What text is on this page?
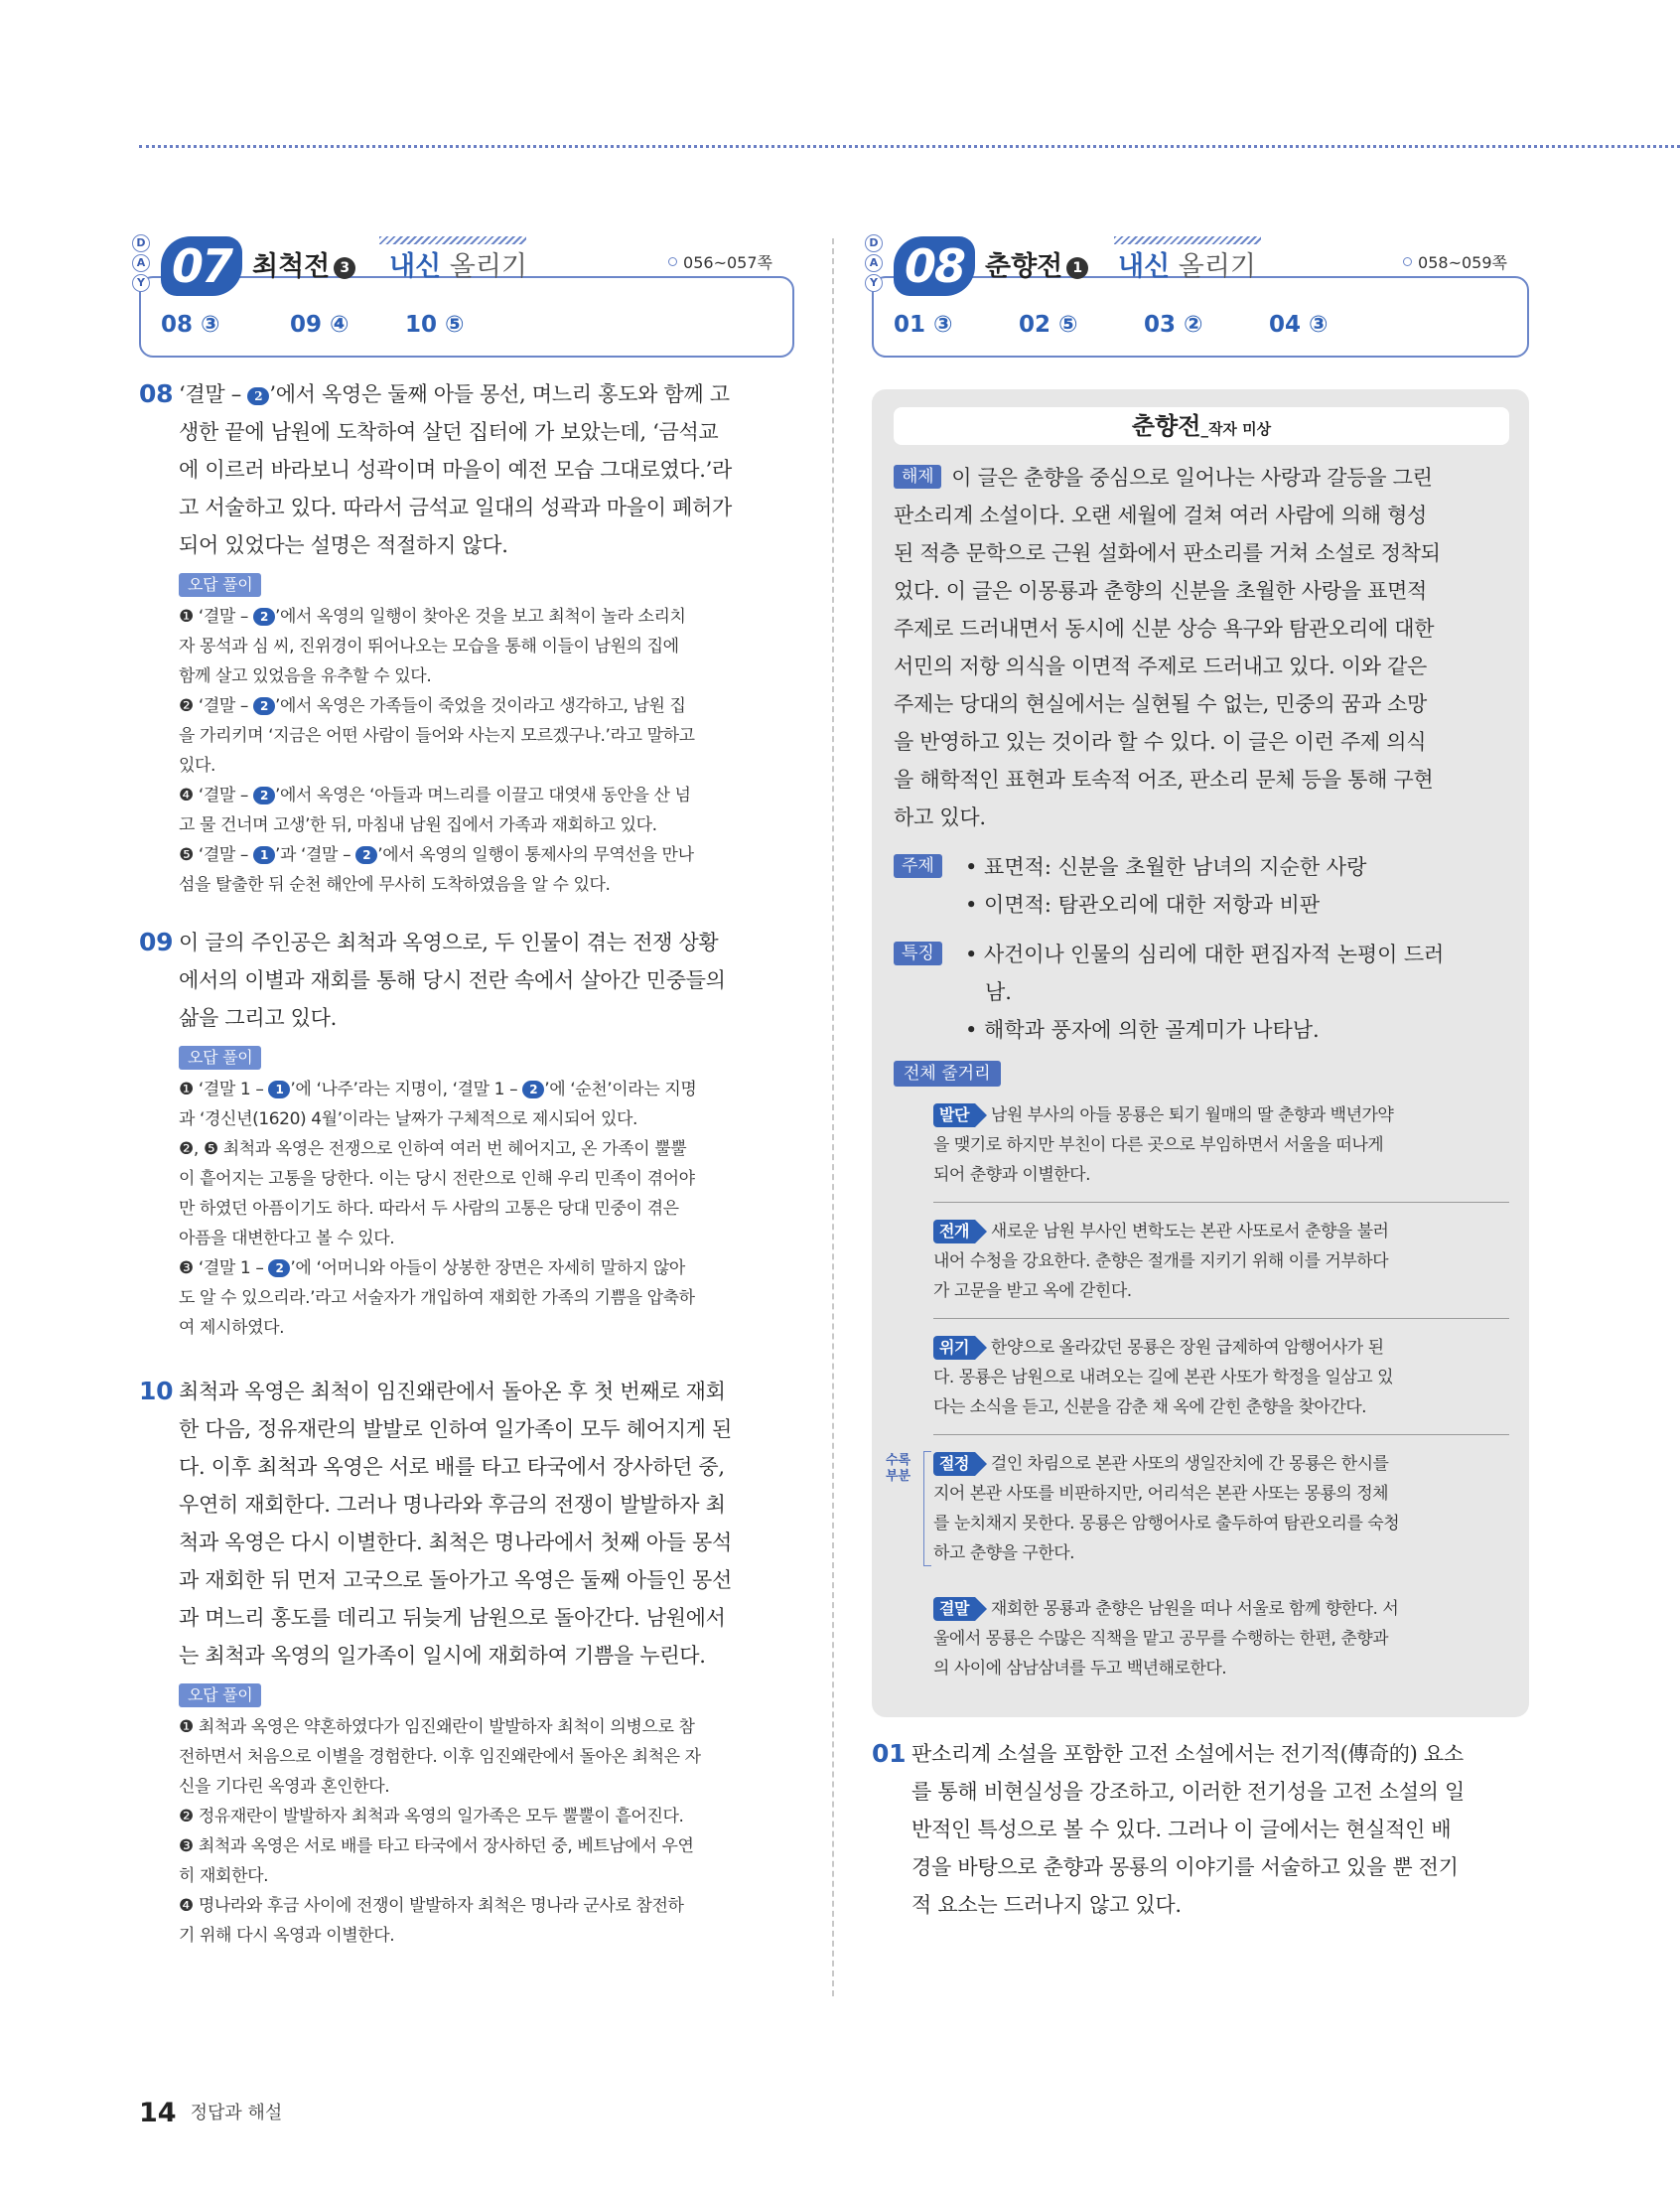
D
A
Y 07 최척전 3 내신 올리기	056~057쪽
08 ③	09 ④ 10 ⑤
08 ‘결말 – 2 ’에서 옥영은 둘째 아들 몽선, 며느리 홍도와 함께 고
생한 끝에 남원에 도착하여 살던 집터에 가 보았는데, ‘금석교
에 이르러 바라보니 성곽이며 마을이 예전 모습 그대로였다.’라
고 서술하고 있다. 따라서 금석교 일대의 성곽과 마을이 폐허가
되어 있었다는 설명은 적절하지 않다.
오답 풀이
❶ ‘결말 – 2 ’에서 옥영의 일행이 찾아온 것을 보고 최척이 놀라 소리치
자 몽석과 심 씨, 진위경이 뛰어나오는 모습을 통해 이들이 남원의 집에
함께 살고 있었음을 유추할 수 있다.
❷ ‘결말 – 2 ’에서 옥영은 가족들이 죽었을 것이라고 생각하고, 남원 집
을 가리키며 ‘지금은 어떤 사람이 들어와 사는지 모르겠구나.’라고 말하고
있다.
❹ ‘결말 – 2 ’에서 옥영은 ‘아들과 며느리를 이끌고 대엿새 동안을 산 넘
고 물 건너며 고생’한 뒤, 마침내 남원 집에서 가족과 재회하고 있다.
❺ ‘결말 – 1 ’과 ‘결말 – 2 ’에서 옥영의 일행이 통제사의 무역선을 만나
섬을 탈출한 뒤 순천 해안에 무사히 도착하였음을 알 수 있다.
09 이 글의 주인공은 최척과 옥영으로, 두 인물이 겪는 전쟁 상황
에서의 이별과 재회를 통해 당시 전란 속에서 살아간 민중들의
삶을 그리고 있다.
오답 풀이
❶ ‘결말 1 – 1 ’에 ‘나주’라는 지명이, ‘결말 1 – 2 ’에 ‘순천’이라는 지명
과 ‘경신년(1620) 4월’이라는 날짜가 구체적으로 제시되어 있다.
❷, ❺ 최척과 옥영은 전쟁으로 인하여 여러 번 헤어지고, 온 가족이 뿔뿔
이 흩어지는 고통을 당한다. 이는 당시 전란으로 인해 우리 민족이 겪어야
만 하였던 아픔이기도 하다. 따라서 두 사람의 고통은 당대 민중이 겪은
아픔을 대변한다고 볼 수 있다.
❸ ‘결말 1 – 2 ’에 ‘어머니와 아들이 상봉한 장면은 자세히 말하지 않아
도 알 수 있으리라.’라고 서술자가 개입하여 재회한 가족의 기쁨을 압축하
여 제시하였다.
10 최척과 옥영은 최척이 임진왜란에서 돌아온 후 첫 번째로 재회
한 다음, 정유재란의 발발로 인하여 일가족이 모두 헤어지게 된
다. 이후 최척과 옥영은 서로 배를 타고 타국에서 장사하던 중,
우연히 재회한다. 그러나 명나라와 후금의 전쟁이 발발하자 최
척과 옥영은 다시 이별한다. 최척은 명나라에서 첫째 아들 몽석
과 재회한 뒤 먼저 고국으로 돌아가고 옥영은 둘째 아들인 몽선
과 며느리 홍도를 데리고 뒤늦게 남원으로 돌아간다. 남원에서
는 최척과 옥영의 일가족이 일시에 재회하여 기쁨을 누린다.
오답 풀이
❶ 최척과 옥영은 약혼하였다가 임진왜란이 발발하자 최척이 의병으로 참
전하면서 처음으로 이별을 경험한다. 이후 임진왜란에서 돌아온 최척은 자
신을 기다린 옥영과 혼인한다.
❷ 정유재란이 발발하자 최척과 옥영의 일가족은 모두 뿔뿔이 흩어진다.
❸ 최척과 옥영은 서로 배를 타고 타국에서 장사하던 중, 베트남에서 우연
히 재회한다.
❹ 명나라와 후금 사이에 전쟁이 발발하자 최척은 명나라 군사로 참전하
기 위해 다시 옥영과 이별한다.
D
A
Y 08 춘향전 1 내신 올리기	058~059쪽
01 ③	02 ⑤	03 ②	04 ③
춘향전_작자 미상
해제 이 글은 춘향을 중심으로 일어나는 사랑과 갈등을 그린
판소리계 소설이다. 오랜 세월에 걸쳐 여러 사람에 의해 형성
된 적층 문학으로 근원 설화에서 판소리를 거쳐 소설로 정착되
었다. 이 글은 이몽룡과 춘향의 신분을 초월한 사랑을 표면적
주제로 드러내면서 동시에 신분 상승 욕구와 탐관오리에 대한
서민의 저항 의식을 이면적 주제로 드러내고 있다. 이와 같은
주제는 당대의 현실에서는 실현될 수 없는, 민중의 꿈과 소망
을 반영하고 있는 것이라 할 수 있다. 이 글은 이런 주제 의식
을 해학적인 표현과 토속적 어조, 판소리 문체 등을 통해 구현
하고 있다.
주제	• 표면적: 신분을 초월한 남녀의 지순한 사랑
• 이면적: 탐관오리에 대한 저항과 비판
특징	• 사건이나 인물의 심리에 대한 편집자적 논평이 드러
남.
• 해학과 풍자에 의한 골계미가 나타남.
전체 줄거리
발단 남원 부사의 아들 몽룡은 퇴기 월매의 딸 춘향과 백년가약
을 맺기로 하지만 부친이 다른 곳으로 부임하면서 서울을 떠나게
되어 춘향과 이별한다.
전개 새로운 남원 부사인 변학도는 본관 사또로서 춘향을 불러
내어 수청을 강요한다. 춘향은 절개를 지키기 위해 이를 거부하다
가 고문을 받고 옥에 갇힌다.
위기 한양으로 올라갔던 몽룡은 장원 급제하여 암행어사가 된
다. 몽룡은 남원으로 내려오는 길에 본관 사또가 학정을 일삼고 있
다는 소식을 듣고, 신분을 감춘 채 옥에 갇힌 춘향을 찾아간다.
수록
부분
절정 걸인 차림으로 본관 사또의 생일잔치에 간 몽룡은 한시를
지어 본관 사또를 비판하지만, 어리석은 본관 사또는 몽룡의 정체
를 눈치채지 못한다. 몽룡은 암행어사로 출두하여 탐관오리를 숙청
하고 춘향을 구한다.
결말 재회한 몽룡과 춘향은 남원을 떠나 서울로 함께 향한다. 서
울에서 몽룡은 수많은 직책을 맡고 공무를 수행하는 한편, 춘향과
의 사이에 삼남삼녀를 두고 백년해로한다.
01 판소리계 소설을 포함한 고전 소설에서는 전기적(傳奇的) 요소
를 통해 비현실성을 강조하고, 이러한 전기성을 고전 소설의 일
반적인 특성으로 볼 수 있다. 그러나 이 글에서는 현실적인 배
경을 바탕으로 춘향과 몽룡의 이야기를 서술하고 있을 뿐 전기
적 요소는 드러나지 않고 있다.
14 정답과 해설
